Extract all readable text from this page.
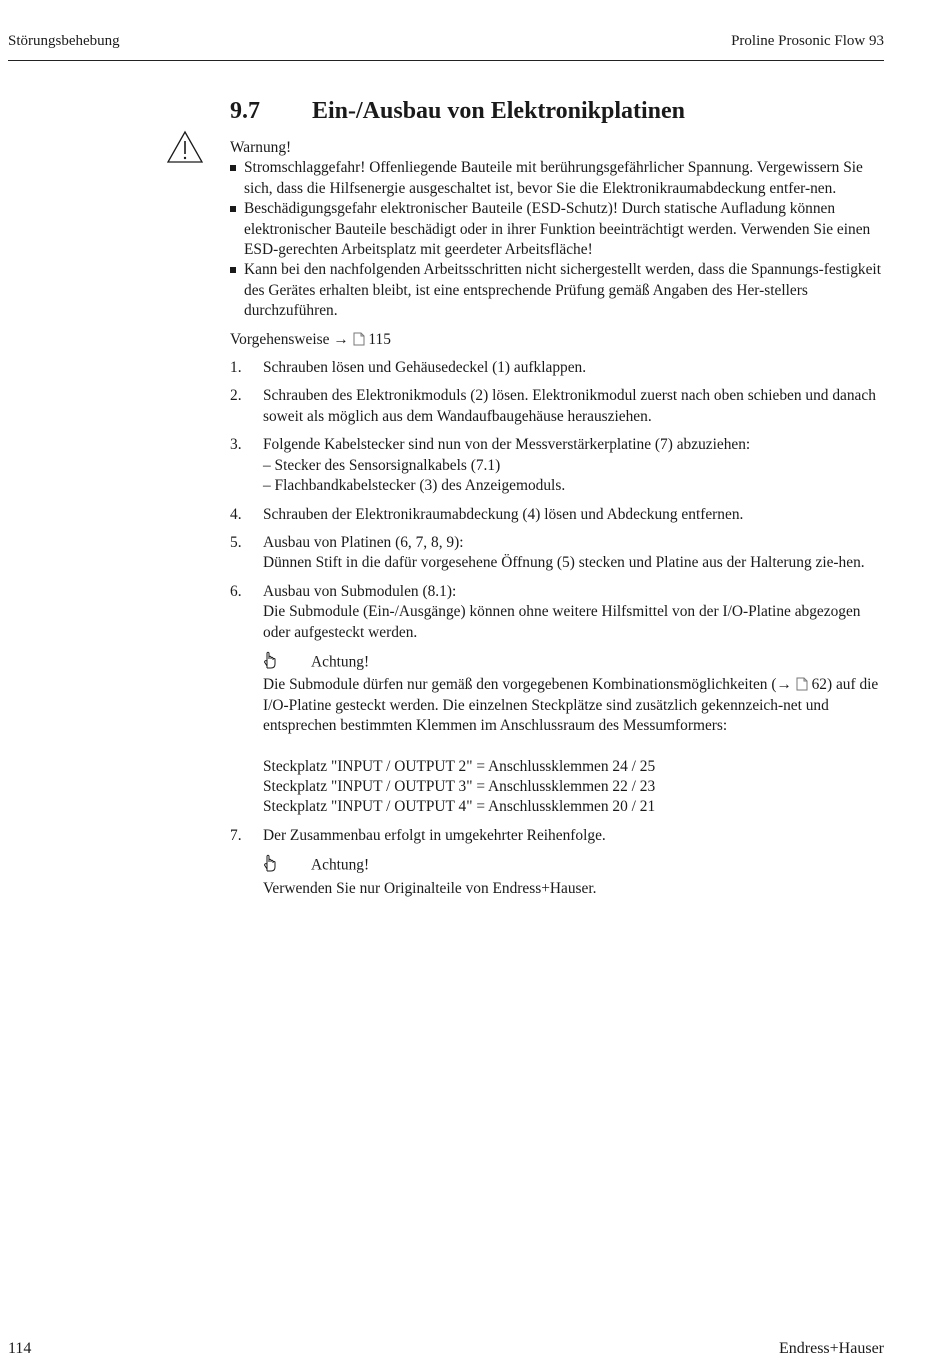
Störungsbehebung	Proline Prosonic Flow 93
9.7 Ein-/Ausbau von Elektronikplatinen
Warnung!
Stromschlaggefahr! Offenliegende Bauteile mit berührungsgefährlicher Spannung. Vergewissern Sie sich, dass die Hilfsenergie ausgeschaltet ist, bevor Sie die Elektronikraumabdeckung entfer-nen.
Beschädigungsgefahr elektronischer Bauteile (ESD-Schutz)! Durch statische Aufladung können elektronischer Bauteile beschädigt oder in ihrer Funktion beeinträchtigt werden. Verwenden Sie einen ESD-gerechten Arbeitsplatz mit geerdeter Arbeitsfläche!
Kann bei den nachfolgenden Arbeitsschritten nicht sichergestellt werden, dass die Spannungs-festigkeit des Gerätes erhalten bleibt, ist eine entsprechende Prüfung gemäß Angaben des Her-stellers durchzuführen.
Vorgehensweise → 115
1. Schrauben lösen und Gehäusedeckel (1) aufklappen.
2. Schrauben des Elektronikmoduls (2) lösen. Elektronikmodul zuerst nach oben schieben und danach soweit als möglich aus dem Wandaufbaugehäuse herausziehen.
3. Folgende Kabelstecker sind nun von der Messverstärkerplatine (7) abzuziehen:
– Stecker des Sensorsignalkabels (7.1)
– Flachbandkabelstecker (3) des Anzeigemoduls.
4. Schrauben der Elektronikraumabdeckung (4) lösen und Abdeckung entfernen.
5. Ausbau von Platinen (6, 7, 8, 9):
Dünnen Stift in die dafür vorgesehene Öffnung (5) stecken und Platine aus der Halterung zie-hen.
6. Ausbau von Submodulen (8.1):
Die Submodule (Ein-/Ausgänge) können ohne weitere Hilfsmittel von der I/O-Platine abgezogen oder aufgesteckt werden.
Achtung!
Die Submodule dürfen nur gemäß den vorgegebenen Kombinationsmöglichkeiten (→  62) auf die I/O-Platine gesteckt werden. Die einzelnen Steckplätze sind zusätzlich gekennzeich-net und entsprechen bestimmten Klemmen im Anschlussraum des Messumformers:
Steckplatz "INPUT / OUTPUT 2" = Anschlussklemmen 24 / 25
Steckplatz "INPUT / OUTPUT 3" = Anschlussklemmen 22 / 23
Steckplatz "INPUT / OUTPUT 4" = Anschlussklemmen 20 / 21
7. Der Zusammenbau erfolgt in umgekehrter Reihenfolge.
Achtung!
Verwenden Sie nur Originalteile von Endress+Hauser.
114	Endress+Hauser
